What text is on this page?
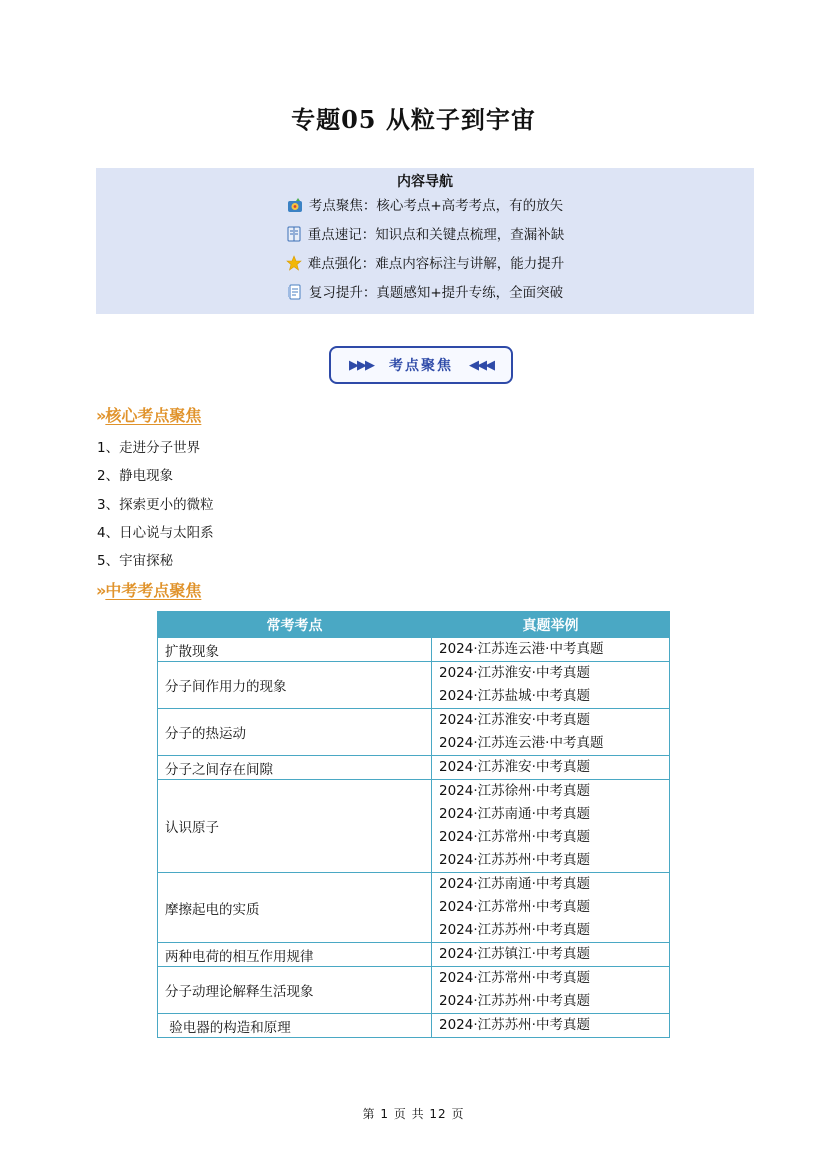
专题05 从粒子到宇宙
内容导航
考点聚焦：核心考点+高考考点，有的放矢
重点速记：知识点和关键点梳理，查漏补缺
难点强化：难点内容标注与讲解，能力提升
复习提升：真题感知+提升专练，全面突破
▶▶▶ 考点聚焦 ◀◀◀
» 核心考点聚焦
1、走进分子世界
2、静电现象
3、探索更小的微粒
4、日心说与太阳系
5、宇宙探秘
» 中考考点聚焦
常考考点	真题举例
扩散现象	2024·江苏连云港·中考真题

分子间作用力的现象	2024·江苏淮安·中考真题
2024·江苏盐城·中考真题

分子的热运动	2024·江苏淮安·中考真题
2024·江苏连云港·中考真题

分子之间存在间隙	2024·江苏淮安·中考真题

认识原子	2024·江苏徐州·中考真题
2024·江苏南通·中考真题
2024·江苏常州·中考真题
2024·江苏苏州·中考真题

摩擦起电的实质	2024·江苏南通·中考真题
2024·江苏常州·中考真题
2024·江苏苏州·中考真题

两种电荷的相互作用规律	2024·江苏镇江·中考真题

分子动理论解释生活现象	2024·江苏常州·中考真题
2024·江苏苏州·中考真题

验电器的构造和原理	2024·江苏苏州·中考真题
第 1 页 共 12 页
